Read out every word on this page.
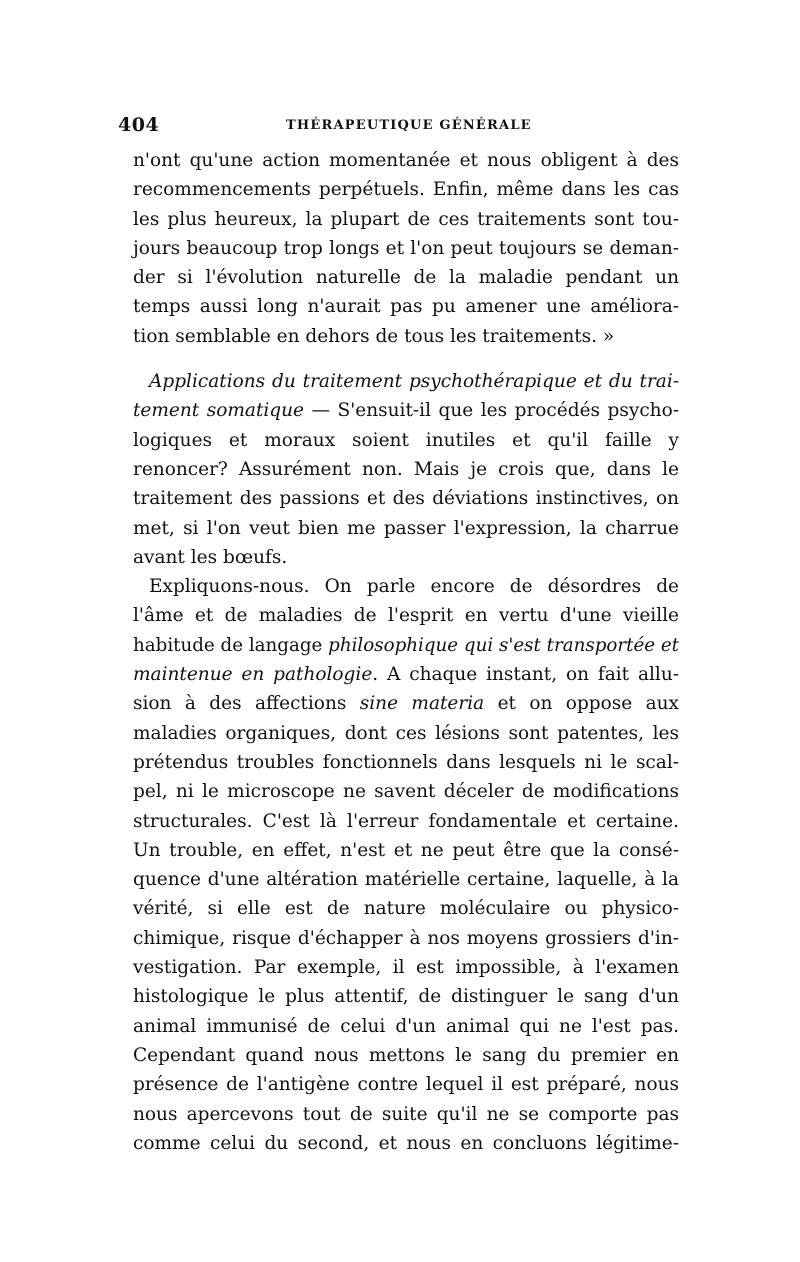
404	THÉRAPEUTIQUE GÉNÉRALE
n'ont qu'une action momentanée et nous obligent à des
recommencements perpétuels. Enfin, même dans les cas
les plus heureux, la plupart de ces traitements sont tou-
jours beaucoup trop longs et l'on peut toujours se deman-
der si l'évolution naturelle de la maladie pendant un
temps aussi long n'aurait pas pu amener une améliora-
tion semblable en dehors de tous les traitements. »
Applications du traitement psychothérapique et du trai-
tement somatique — S'ensuit-il que les procédés psycho-
logiques et moraux soient inutiles et qu'il faille y
renoncer? Assurément non. Mais je crois que, dans le
traitement des passions et des déviations instinctives, on
met, si l'on veut bien me passer l'expression, la charrue
avant les bœufs.
Expliquons-nous. On parle encore de désordres de
l'âme et de maladies de l'esprit en vertu d'une vieille
habitude de langage philosophique qui s'est transportée et
maintenue en pathologie. A chaque instant, on fait allu-
sion à des affections sine materia et on oppose aux
maladies organiques, dont ces lésions sont patentes, les
prétendus troubles fonctionnels dans lesquels ni le scal-
pel, ni le microscope ne savent déceler de modifications
structurales. C'est là l'erreur fondamentale et certaine.
Un trouble, en effet, n'est et ne peut être que la consé-
quence d'une altération matérielle certaine, laquelle, à la
vérité, si elle est de nature moléculaire ou physico-
chimique, risque d'échapper à nos moyens grossiers d'in-
vestigation. Par exemple, il est impossible, à l'examen
histologique le plus attentif, de distinguer le sang d'un
animal immunisé de celui d'un animal qui ne l'est pas.
Cependant quand nous mettons le sang du premier en
présence de l'antigène contre lequel il est préparé, nous
nous apercevons tout de suite qu'il ne se comporte pas
comme celui du second, et nous en concluons légitime-
